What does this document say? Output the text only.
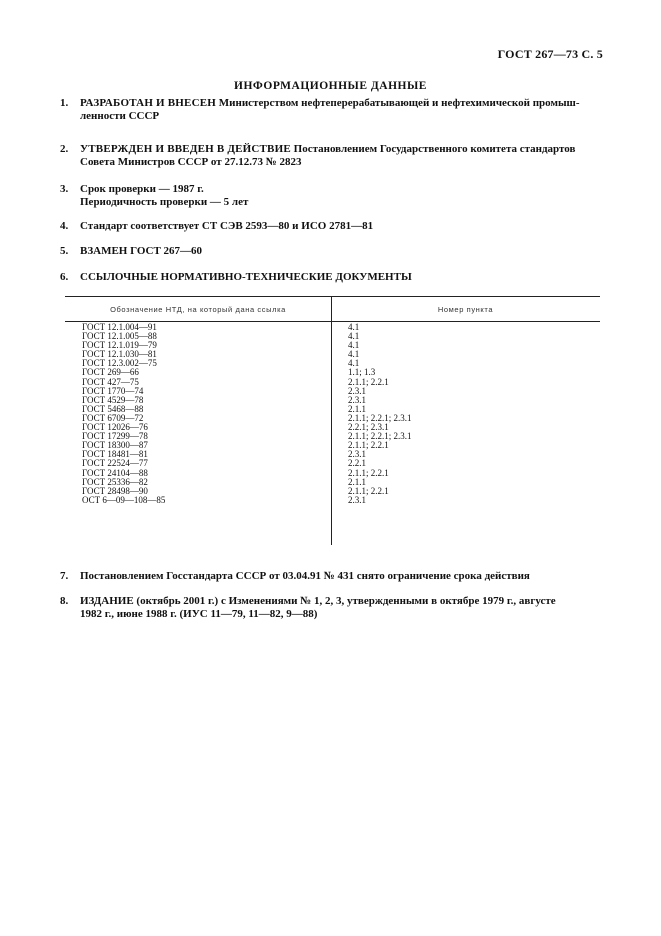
ГОСТ 267—73 С. 5
ИНФОРМАЦИОННЫЕ ДАННЫЕ
1. РАЗРАБОТАН И ВНЕСЕН Министерством нефтеперерабатывающей и нефтехимической промыш-
ленности СССР
2. УТВЕРЖДЕН И ВВЕДЕН В ДЕЙСТВИЕ Постановлением Государственного комитета стандартов
Совета Министров СССР от 27.12.73 № 2823
3. Срок проверки — 1987 г.
Периодичность проверки — 5 лет
4. Стандарт соответствует СТ СЭВ 2593—80 и ИСО 2781—81
5. ВЗАМЕН ГОСТ 267—60
6. ССЫЛОЧНЫЕ НОРМАТИВНО-ТЕХНИЧЕСКИЕ ДОКУМЕНТЫ
Обозначение НТД, на который дана ссылка	Номер пункта
ГОСТ 12.1.004—91	4.1
ГОСТ 12.1.005—88	4.1
ГОСТ 12.1.019—79	4.1
ГОСТ 12.1.030—81	4.1
ГОСТ 12.3.002—75	4.1
ГОСТ 269—66	1.1; 1.3
ГОСТ 427—75	2.1.1; 2.2.1
ГОСТ 1770—74	2.3.1
ГОСТ 4529—78	2.3.1
ГОСТ 5468—88	2.1.1
ГОСТ 6709—72	2.1.1; 2.2.1; 2.3.1
ГОСТ 12026—76	2.2.1; 2.3.1
ГОСТ 17299—78	2.1.1; 2.2.1; 2.3.1
ГОСТ 18300—87	2.1.1; 2.2.1
ГОСТ 18481—81	2.3.1
ГОСТ 22524—77	2.2.1
ГОСТ 24104—88	2.1.1; 2.2.1
ГОСТ 25336—82	2.1.1
ГОСТ 28498—90	2.1.1; 2.2.1
ОСТ 6—09—108—85	2.3.1
7. Постановлением Госстандарта СССР от 03.04.91 № 431 снято ограничение срока действия
8. ИЗДАНИЕ (октябрь 2001 г.) с Изменениями № 1, 2, 3, утвержденными в октябре 1979 г., августе
1982 г., июне 1988 г. (ИУС 11—79, 11—82, 9—88)
